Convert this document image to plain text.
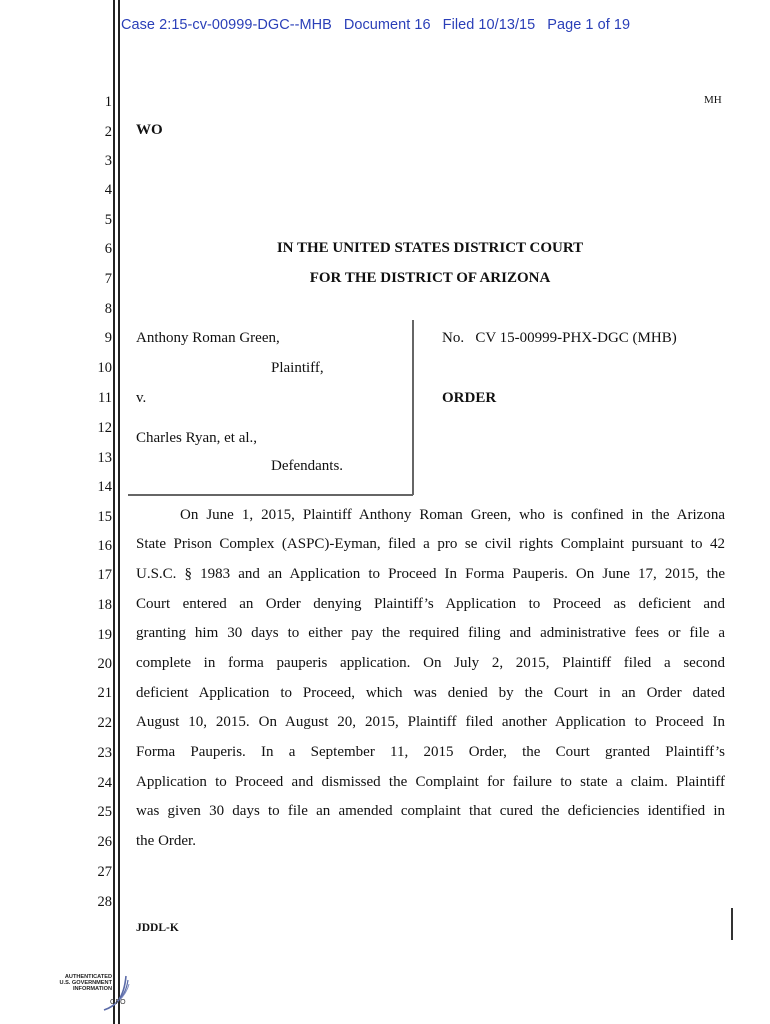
Case 2:15-cv-00999-DGC--MHB Document 16 Filed 10/13/15 Page 1 of 19
1
2
3
4
5
6
7
8
9
10
11
12
13
14
15
16
17
18
19
20
21
22
23
24
25
26
27
28
MH
WO
IN THE UNITED STATES DISTRICT COURT
FOR THE DISTRICT OF ARIZONA
Anthony Roman Green,
Plaintiff,
v.
Charles Ryan, et al.,
Defendants.
No.   CV 15-00999-PHX-DGC (MHB)
ORDER
On June 1, 2015, Plaintiff Anthony Roman Green, who is confined in the Arizona
State Prison Complex (ASPC)-Eyman, filed a pro se civil rights Complaint pursuant to 42
U.S.C. § 1983 and an Application to Proceed In Forma Pauperis. On June 17, 2015, the
Court entered an Order denying Plaintiff’s Application to Proceed as deficient and
granting him 30 days to either pay the required filing and administrative fees or file a
complete in forma pauperis application. On July 2, 2015, Plaintiff filed a second
deficient Application to Proceed, which was denied by the Court in an Order dated
August 10, 2015. On August 20, 2015, Plaintiff filed another Application to Proceed In
Forma Pauperis. In a September 11, 2015 Order, the Court granted Plaintiff’s
Application to Proceed and dismissed the Complaint for failure to state a claim. Plaintiff
was given 30 days to file an amended complaint that cured the deficiencies identified in
the Order.
JDDL-K
AUTHENTICATED
U.S. GOVERNMENT
INFORMATION
GPO
